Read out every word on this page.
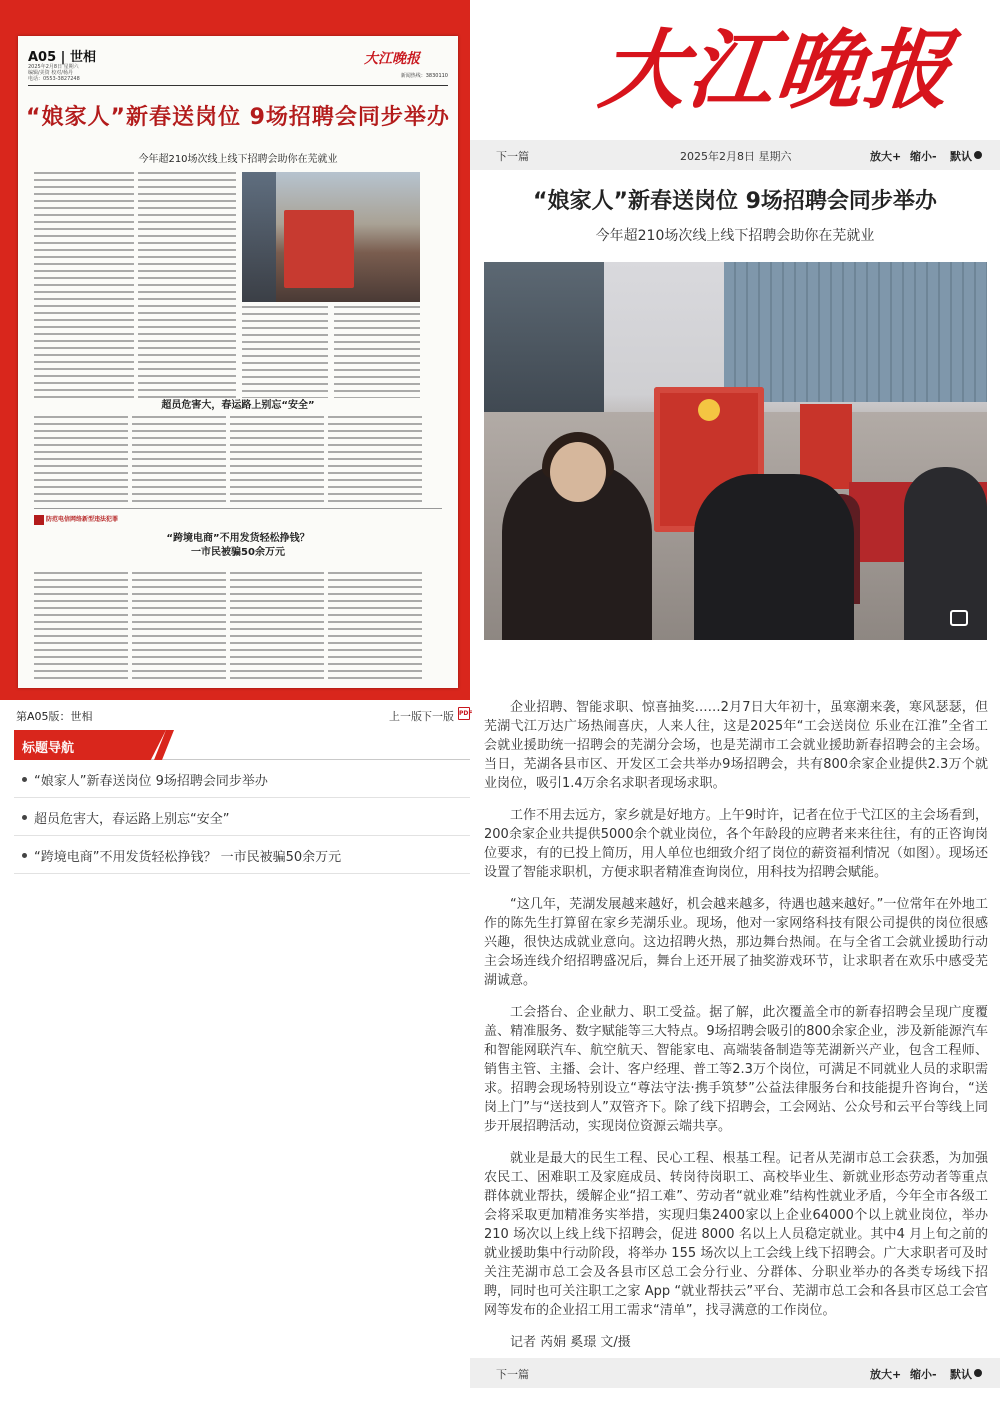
A05 | 世相
2025年2月8日 星期六
编辑/美资 校对/杨丹
电话：0553-3827248
大江晚报
新闻热线：3830110
“娘家人”新春送岗位 9场招聘会同步举办
今年超210场次线上线下招聘会助你在芜就业
超员危害大，春运路上别忘“安全”
防范电信网络新型违法犯罪
“跨境电商”不用发货轻松挣钱？
一市民被骗50余万元
第A05版：世相	上一版 下一版 PDF
标题导航
“娘家人”新春送岗位 9场招聘会同步举办
超员危害大，春运路上别忘“安全”
“跨境电商”不用发货轻松挣钱？ 一市民被骗50余万元
大江晚报
下一篇	2025年2月8日 星期六	放大+ 缩小- 默认
“娘家人”新春送岗位 9场招聘会同步举办
今年超210场次线上线下招聘会助你在芜就业

企业招聘、智能求职、惊喜抽奖……2月7日大年初十，虽寒潮来袭，寒风瑟瑟，但芜湖弋江万达广场热闹喜庆，人来人往，这是2025年“工会送岗位 乐业在江淮”全省工会就业援助统一招聘会的芜湖分会场，也是芜湖市工会就业援助新春招聘会的主会场。当日，芜湖各县市区、开发区工会共举办9场招聘会，共有800余家企业提供2.3万个就业岗位，吸引1.4万余名求职者现场求职。

工作不用去远方，家乡就是好地方。上午9时许，记者在位于弋江区的主会场看到，200余家企业共提供5000余个就业岗位，各个年龄段的应聘者来来往往，有的正咨询岗位要求，有的已投上简历，用人单位也细致介绍了岗位的薪资福利情况（如图）。现场还设置了智能求职机，方便求职者精准查询岗位，用科技为招聘会赋能。

“这几年，芜湖发展越来越好，机会越来越多，待遇也越来越好。”一位常年在外地工作的陈先生打算留在家乡芜湖乐业。现场，他对一家网络科技有限公司提供的岗位很感兴趣，很快达成就业意向。这边招聘火热，那边舞台热闹。在与全省工会就业援助行动主会场连线介绍招聘盛况后，舞台上还开展了抽奖游戏环节，让求职者在欢乐中感受芜湖诚意。

工会搭台、企业献力、职工受益。据了解，此次覆盖全市的新春招聘会呈现广度覆盖、精准服务、数字赋能等三大特点。9场招聘会吸引的800余家企业，涉及新能源汽车和智能网联汽车、航空航天、智能家电、高端装备制造等芜湖新兴产业，包含工程师、销售主管、主播、会计、客户经理、普工等2.3万个岗位，可满足不同就业人员的求职需求。招聘会现场特别设立“尊法守法·携手筑梦”公益法律服务台和技能提升咨询台，“送岗上门”与“送技到人”双管齐下。除了线下招聘会，工会网站、公众号和云平台等线上同步开展招聘活动，实现岗位资源云端共享。

就业是最大的民生工程、民心工程、根基工程。记者从芜湖市总工会获悉，为加强农民工、困难职工及家庭成员、转岗待岗职工、高校毕业生、新就业形态劳动者等重点群体就业帮扶，缓解企业“招工难”、劳动者“就业难”结构性就业矛盾，今年全市各级工会将采取更加精准务实举措，实现归集2400家以上企业64000个以上就业岗位，举办 210 场次以上线上线下招聘会，促进 8000 名以上人员稳定就业。其中4 月上旬之前的就业援助集中行动阶段，将举办 155 场次以上工会线上线下招聘会。广大求职者可及时关注芜湖市总工会及各县市区总工会分行业、分群体、分职业举办的各类专场线下招聘，同时也可关注职工之家 App “就业帮扶云”平台、芜湖市总工会和各县市区总工会官网等发布的企业招工用工需求“清单”，找寻满意的工作岗位。

记者 芮娟 奚璟 文/摄

下一篇	放大+ 缩小- 默认
